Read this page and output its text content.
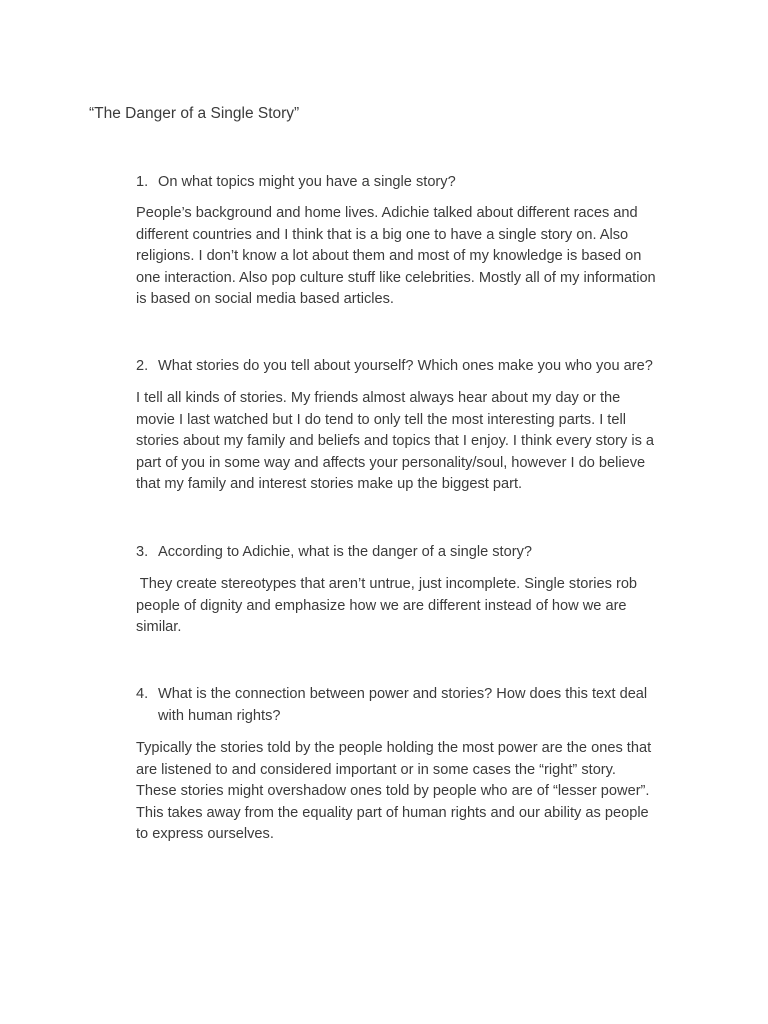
“The Danger of a Single Story”
1. On what topics might you have a single story?
People’s background and home lives. Adichie talked about different races and
different countries and I think that is a big one to have a single story on. Also
religions. I don’t know a lot about them and most of my knowledge is based on
one interaction. Also pop culture stuff like celebrities. Mostly all of my information
is based on social media based articles.
2. What stories do you tell about yourself? Which ones make you who you are?
I tell all kinds of stories. My friends almost always hear about my day or the
movie I last watched but I do tend to only tell the most interesting parts. I tell
stories about my family and beliefs and topics that I enjoy. I think every story is a
part of you in some way and affects your personality/soul, however I do believe
that my family and interest stories make up the biggest part.
3. According to Adichie, what is the danger of a single story?
They create stereotypes that aren’t untrue, just incomplete. Single stories rob
people of dignity and emphasize how we are different instead of how we are
similar.
4. What is the connection between power and stories? How does this text deal
with human rights?
Typically the stories told by the people holding the most power are the ones that
are listened to and considered important or in some cases the “right” story.
These stories might overshadow ones told by people who are of “lesser power”.
This takes away from the equality part of human rights and our ability as people
to express ourselves.
